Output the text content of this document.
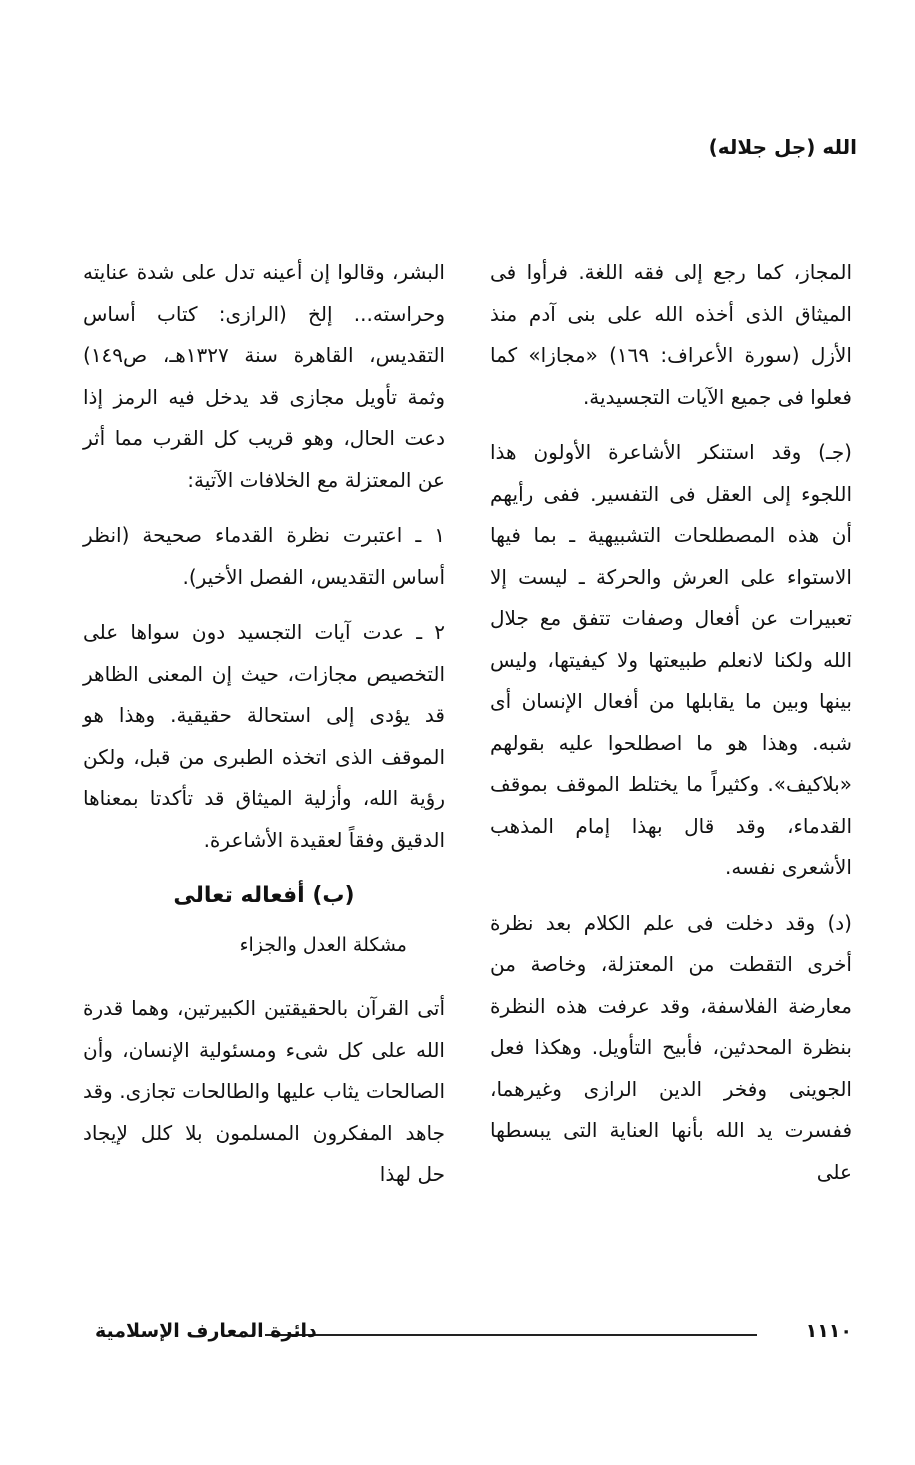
الله (جل جلاله)

المجاز، كما رجع إلى فقه اللغة. فرأوا فى الميثاق الذى أخذه الله على بنى آدم منذ الأزل (سورة الأعراف: ١٦٩) «مجازا» كما فعلوا فى جميع الآيات التجسيدية.

(جـ) وقد استنكر الأشاعرة الأولون هذا اللجوء إلى العقل فى التفسير. ففى رأيهم أن هذه المصطلحات التشبيهية ـ بما فيها الاستواء على العرش والحركة ـ ليست إلا تعبيرات عن أفعال وصفات تتفق مع جلال الله ولكنا لانعلم طبيعتها ولا كيفيتها، وليس بينها وبين ما يقابلها من أفعال الإنسان أى شبه. وهذا هو ما اصطلحوا عليه بقولهم «بلاكيف». وكثيراً ما يختلط الموقف بموقف القدماء، وقد قال بهذا إمام المذهب الأشعرى نفسه.

(د) وقد دخلت فى علم الكلام بعد نظرة أخرى التقطت من المعتزلة، وخاصة من معارضة الفلاسفة، وقد عرفت هذه النظرة بنظرة المحدثين، فأبيح التأويل. وهكذا فعل الجوينى وفخر الدين الرازى وغيرهما، ففسرت يد الله بأنها العناية التى يبسطها على

البشر، وقالوا إن أعينه تدل على شدة عنايته وحراسته... إلخ (الرازى: كتاب أساس التقديس، القاهرة سنة ١٣٢٧هـ، ص١٤٩) وثمة تأويل مجازى قد يدخل فيه الرمز إذا دعت الحال، وهو قريب كل القرب مما أثر عن المعتزلة مع الخلافات الآتية:

١ ـ اعتبرت نظرة القدماء صحيحة (انظر أساس التقديس، الفصل الأخير).

٢ ـ عدت آيات التجسيد دون سواها على التخصيص مجازات، حيث إن المعنى الظاهر قد يؤدى إلى استحالة حقيقية. وهذا هو الموقف الذى اتخذه الطبرى من قبل، ولكن رؤية الله، وأزلية الميثاق قد تأكدتا بمعناها الدقيق وفقاً لعقيدة الأشاعرة.

(ب) أفعاله تعالى

مشكلة العدل والجزاء

أتى القرآن بالحقيقتين الكبيرتين، وهما قدرة الله على كل شىء ومسئولية الإنسان، وأن الصالحات يثاب عليها والطالحات تجازى. وقد جاهد المفكرون المسلمون بلا كلل لإيجاد حل لهذا

١١١٠
دائرة المعارف الإسلامية
